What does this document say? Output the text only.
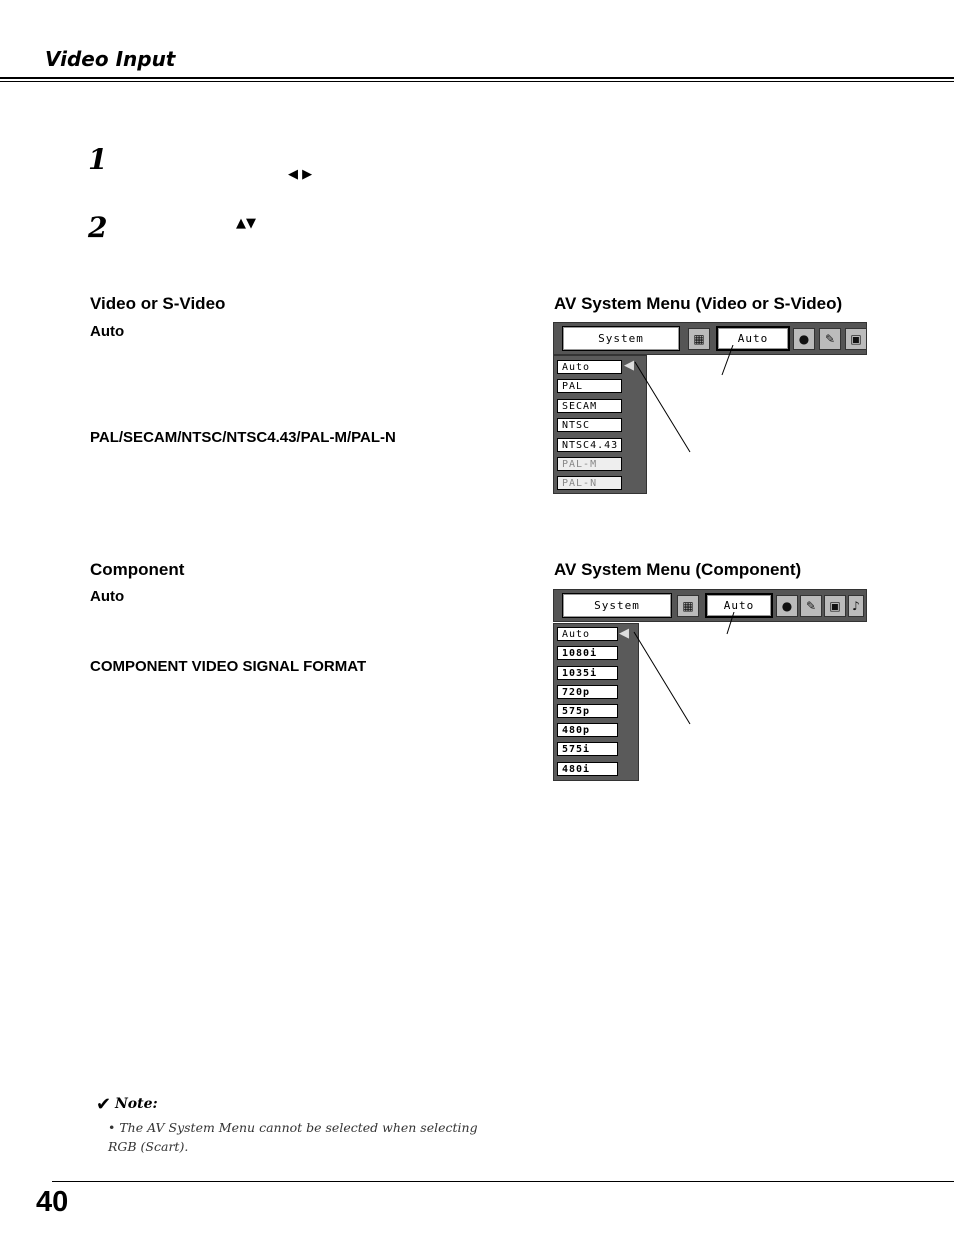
Video Input
1	◀ ▶
2	▲▼
Video or S-Video
Auto
PAL/SECAM/NTSC/NTSC4.43/PAL-M/PAL-N
AV System Menu (Video or S-Video)
System	▦	Auto	●	✎	▣
Auto
PAL
SECAM
NTSC
NTSC4.43
PAL-M
PAL-N
◀
Component
Auto
COMPONENT VIDEO SIGNAL FORMAT
AV System Menu (Component)
System	▦	Auto	●	✎	▣ ♪
Auto
1080i
1035i
720p
575p
480p
575i
480i
◀
✔ Note:
• The AV System Menu cannot be selected when selecting RGB (Scart).
40
